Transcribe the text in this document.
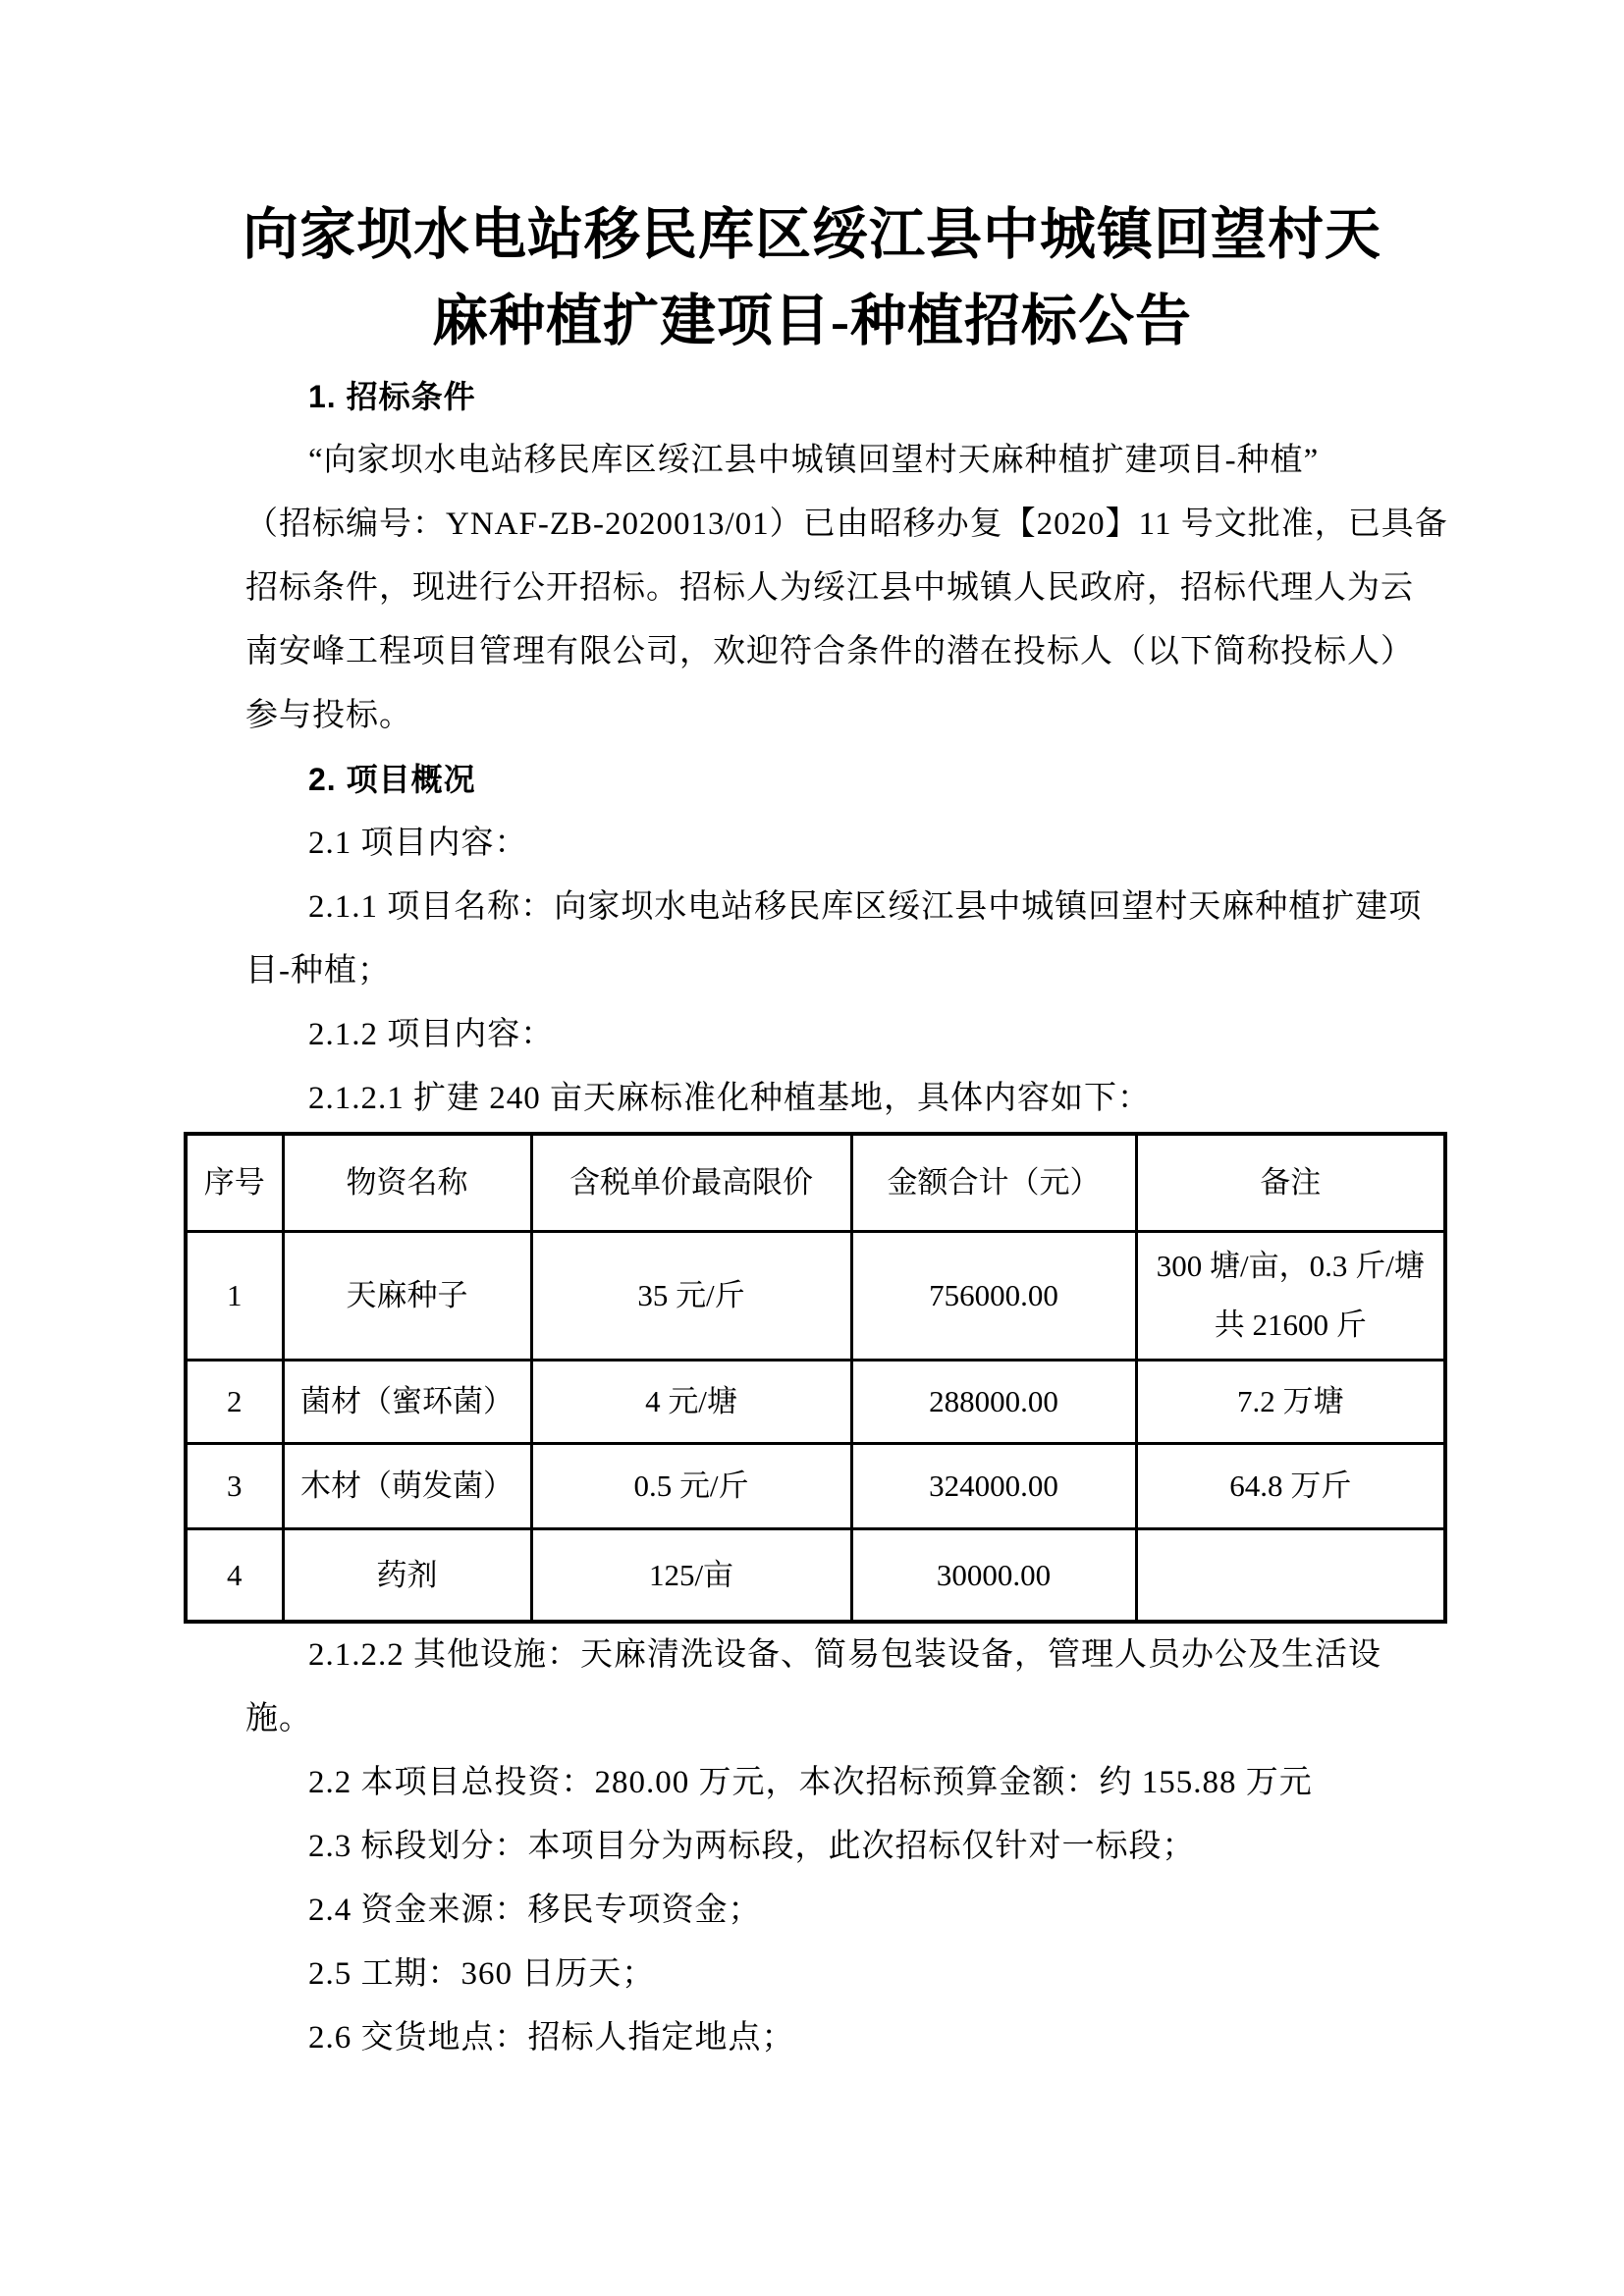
向家坝水电站移民库区绥江县中城镇回望村天
麻种植扩建项目-种植招标公告
1. 招标条件
“向家坝水电站移民库区绥江县中城镇回望村天麻种植扩建项目-种植”
（招标编号：YNAF-ZB-2020013/01）已由昭移办复【2020】11 号文批准，已具备
招标条件，现进行公开招标。招标人为绥江县中城镇人民政府，招标代理人为云
南安峰工程项目管理有限公司，欢迎符合条件的潜在投标人（以下简称投标人）
参与投标。
2. 项目概况
2.1 项目内容：
2.1.1 项目名称：向家坝水电站移民库区绥江县中城镇回望村天麻种植扩建项
目-种植；
2.1.2 项目内容：
2.1.2.1 扩建 240 亩天麻标准化种植基地，具体内容如下：
序号	物资名称	含税单价最高限价	金额合计（元）	备注
1	天麻种子	35 元/斤	756000.00	300 塘/亩，0.3 斤/塘
共 21600 斤

2	菌材（蜜环菌）	4 元/塘	288000.00	7.2 万塘
3	木材（萌发菌）	0.5 元/斤	324000.00	64.8 万斤
4	药剂	125/亩	30000.00	
2.1.2.2 其他设施：天麻清洗设备、简易包装设备，管理人员办公及生活设
施。
2.2 本项目总投资：280.00 万元，本次招标预算金额：约 155.88 万元
2.3 标段划分：本项目分为两标段，此次招标仅针对一标段；
2.4 资金来源：移民专项资金；
2.5 工期：360 日历天；
2.6 交货地点：招标人指定地点；
